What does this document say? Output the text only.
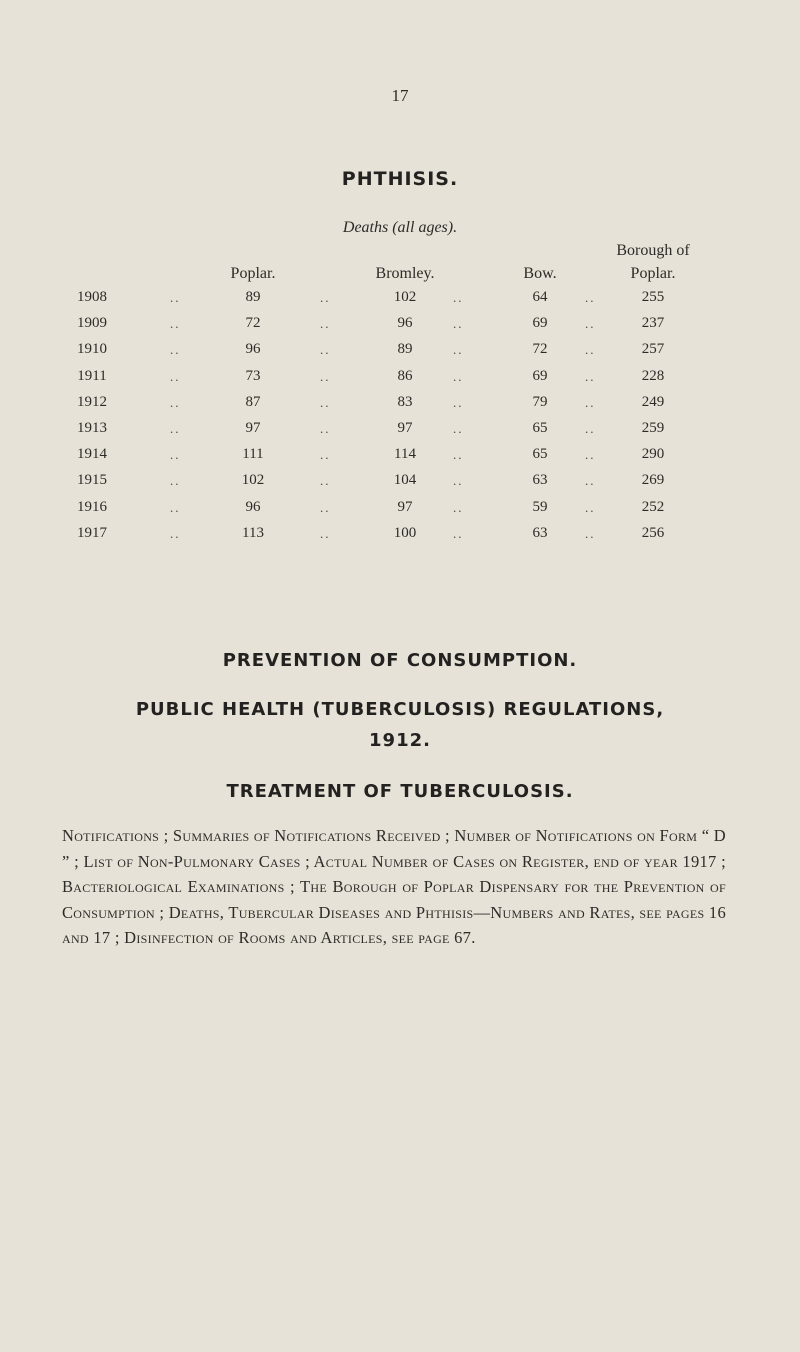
17
PHTHISIS.
Deaths (all ages).
Poplar.	Bromley.	Bow.
Borough of
Poplar.
1908	89	102	64	255
..	..	..	..
1909	72	96	69	237
..	..	..	..
1910	96	89	72	257
..	..	..	..
1911	73	86	69	228
..	..	..	..
1912	87	83	79	249
..	..	..	..
1913	97	97	65	259
..	..	..	..
1914	111	114	65	290
..	..	..	..
1915	102	104	63	269
..	..	..	..
1916	96	97	59	252
..	..	..	..
1917	113	100	63	256
..	..	..	..
PREVENTION OF CONSUMPTION.
PUBLIC HEALTH (TUBERCULOSIS) REGULATIONS,
1912.
TREATMENT OF TUBERCULOSIS.
Notifications ; Summaries of Notifications Received ; Number of Notifications on Form “ D ” ; List of Non-Pulmonary Cases ; Actual Number of Cases on Register, end of year 1917 ; Bacteriological Examinations ; The Borough of Poplar Dispensary for the Prevention of Consumption ; Deaths, Tubercular Diseases and Phthisis—Numbers and Rates, see pages 16 and 17 ; Disinfection of Rooms and Articles, see page 67.
